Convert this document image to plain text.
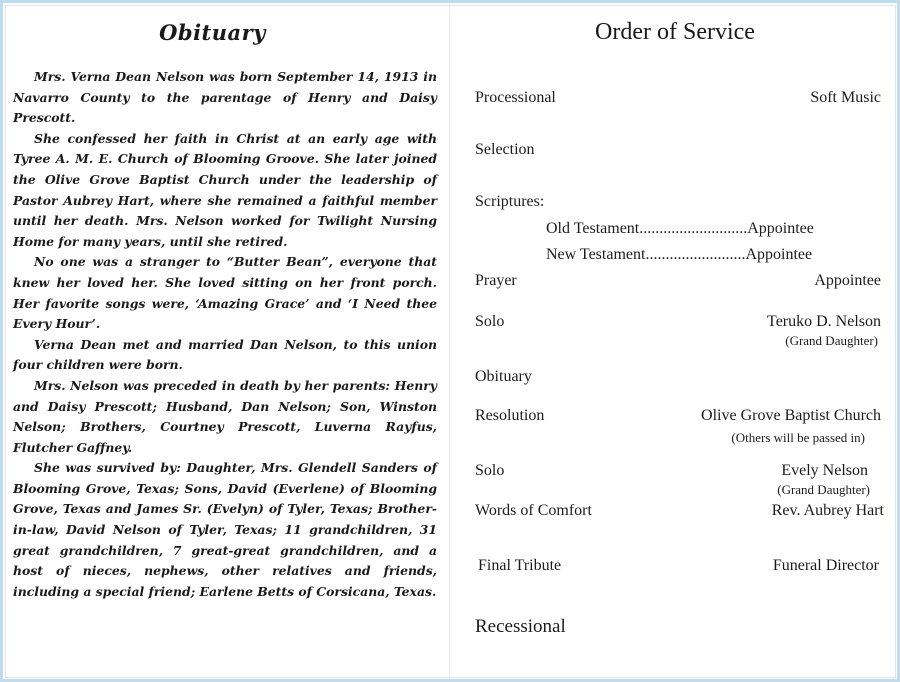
Obituary

Mrs. Verna Dean Nelson was born September 14, 1913 in Navarro County to the parentage of Henry and Daisy Prescott.

She confessed her faith in Christ at an early age with Tyree A. M. E. Church of Blooming Groove. She later joined the Olive Grove Baptist Church under the leadership of Pastor Aubrey Hart, where she remained a faithful member until her death. Mrs. Nelson worked for Twilight Nursing Home for many years, until she retired.

No one was a stranger to “Butter Bean”, everyone that knew her loved her. She loved sitting on her front porch. Her favorite songs were, ‘Amazing Grace’ and ‘I Need thee Every Hour’.

Verna Dean met and married Dan Nelson, to this union four children were born.

Mrs. Nelson was preceded in death by her parents: Henry and Daisy Prescott; Husband, Dan Nelson; Son, Winston Nelson; Brothers, Courtney Prescott, Luverna Rayfus, Flutcher Gaffney.

She was survived by: Daughter, Mrs. Glendell Sanders of Blooming Grove, Texas; Sons, David (Everlene) of Blooming Grove, Texas and James Sr. (Evelyn) of Tyler, Texas; Brother-in-law, David Nelson of Tyler, Texas; 11 grandchildren, 31 great grandchildren, 7 great-great grandchildren, and a host of nieces, nephews, other relatives and friends, including a special friend; Earlene Betts of Corsicana, Texas.

Order of Service
Processional	Soft Music
Selection
Scriptures:
Old Testament...........................Appointee
New Testament.........................Appointee
Prayer	Appointee
Solo	Teruko D. Nelson
(Grand Daughter)
Obituary
Resolution	Olive Grove Baptist Church
(Others will be passed in)
Solo	Evely Nelson
(Grand Daughter)
Words of Comfort	Rev. Aubrey Hart
Final Tribute	Funeral Director
Recessional
